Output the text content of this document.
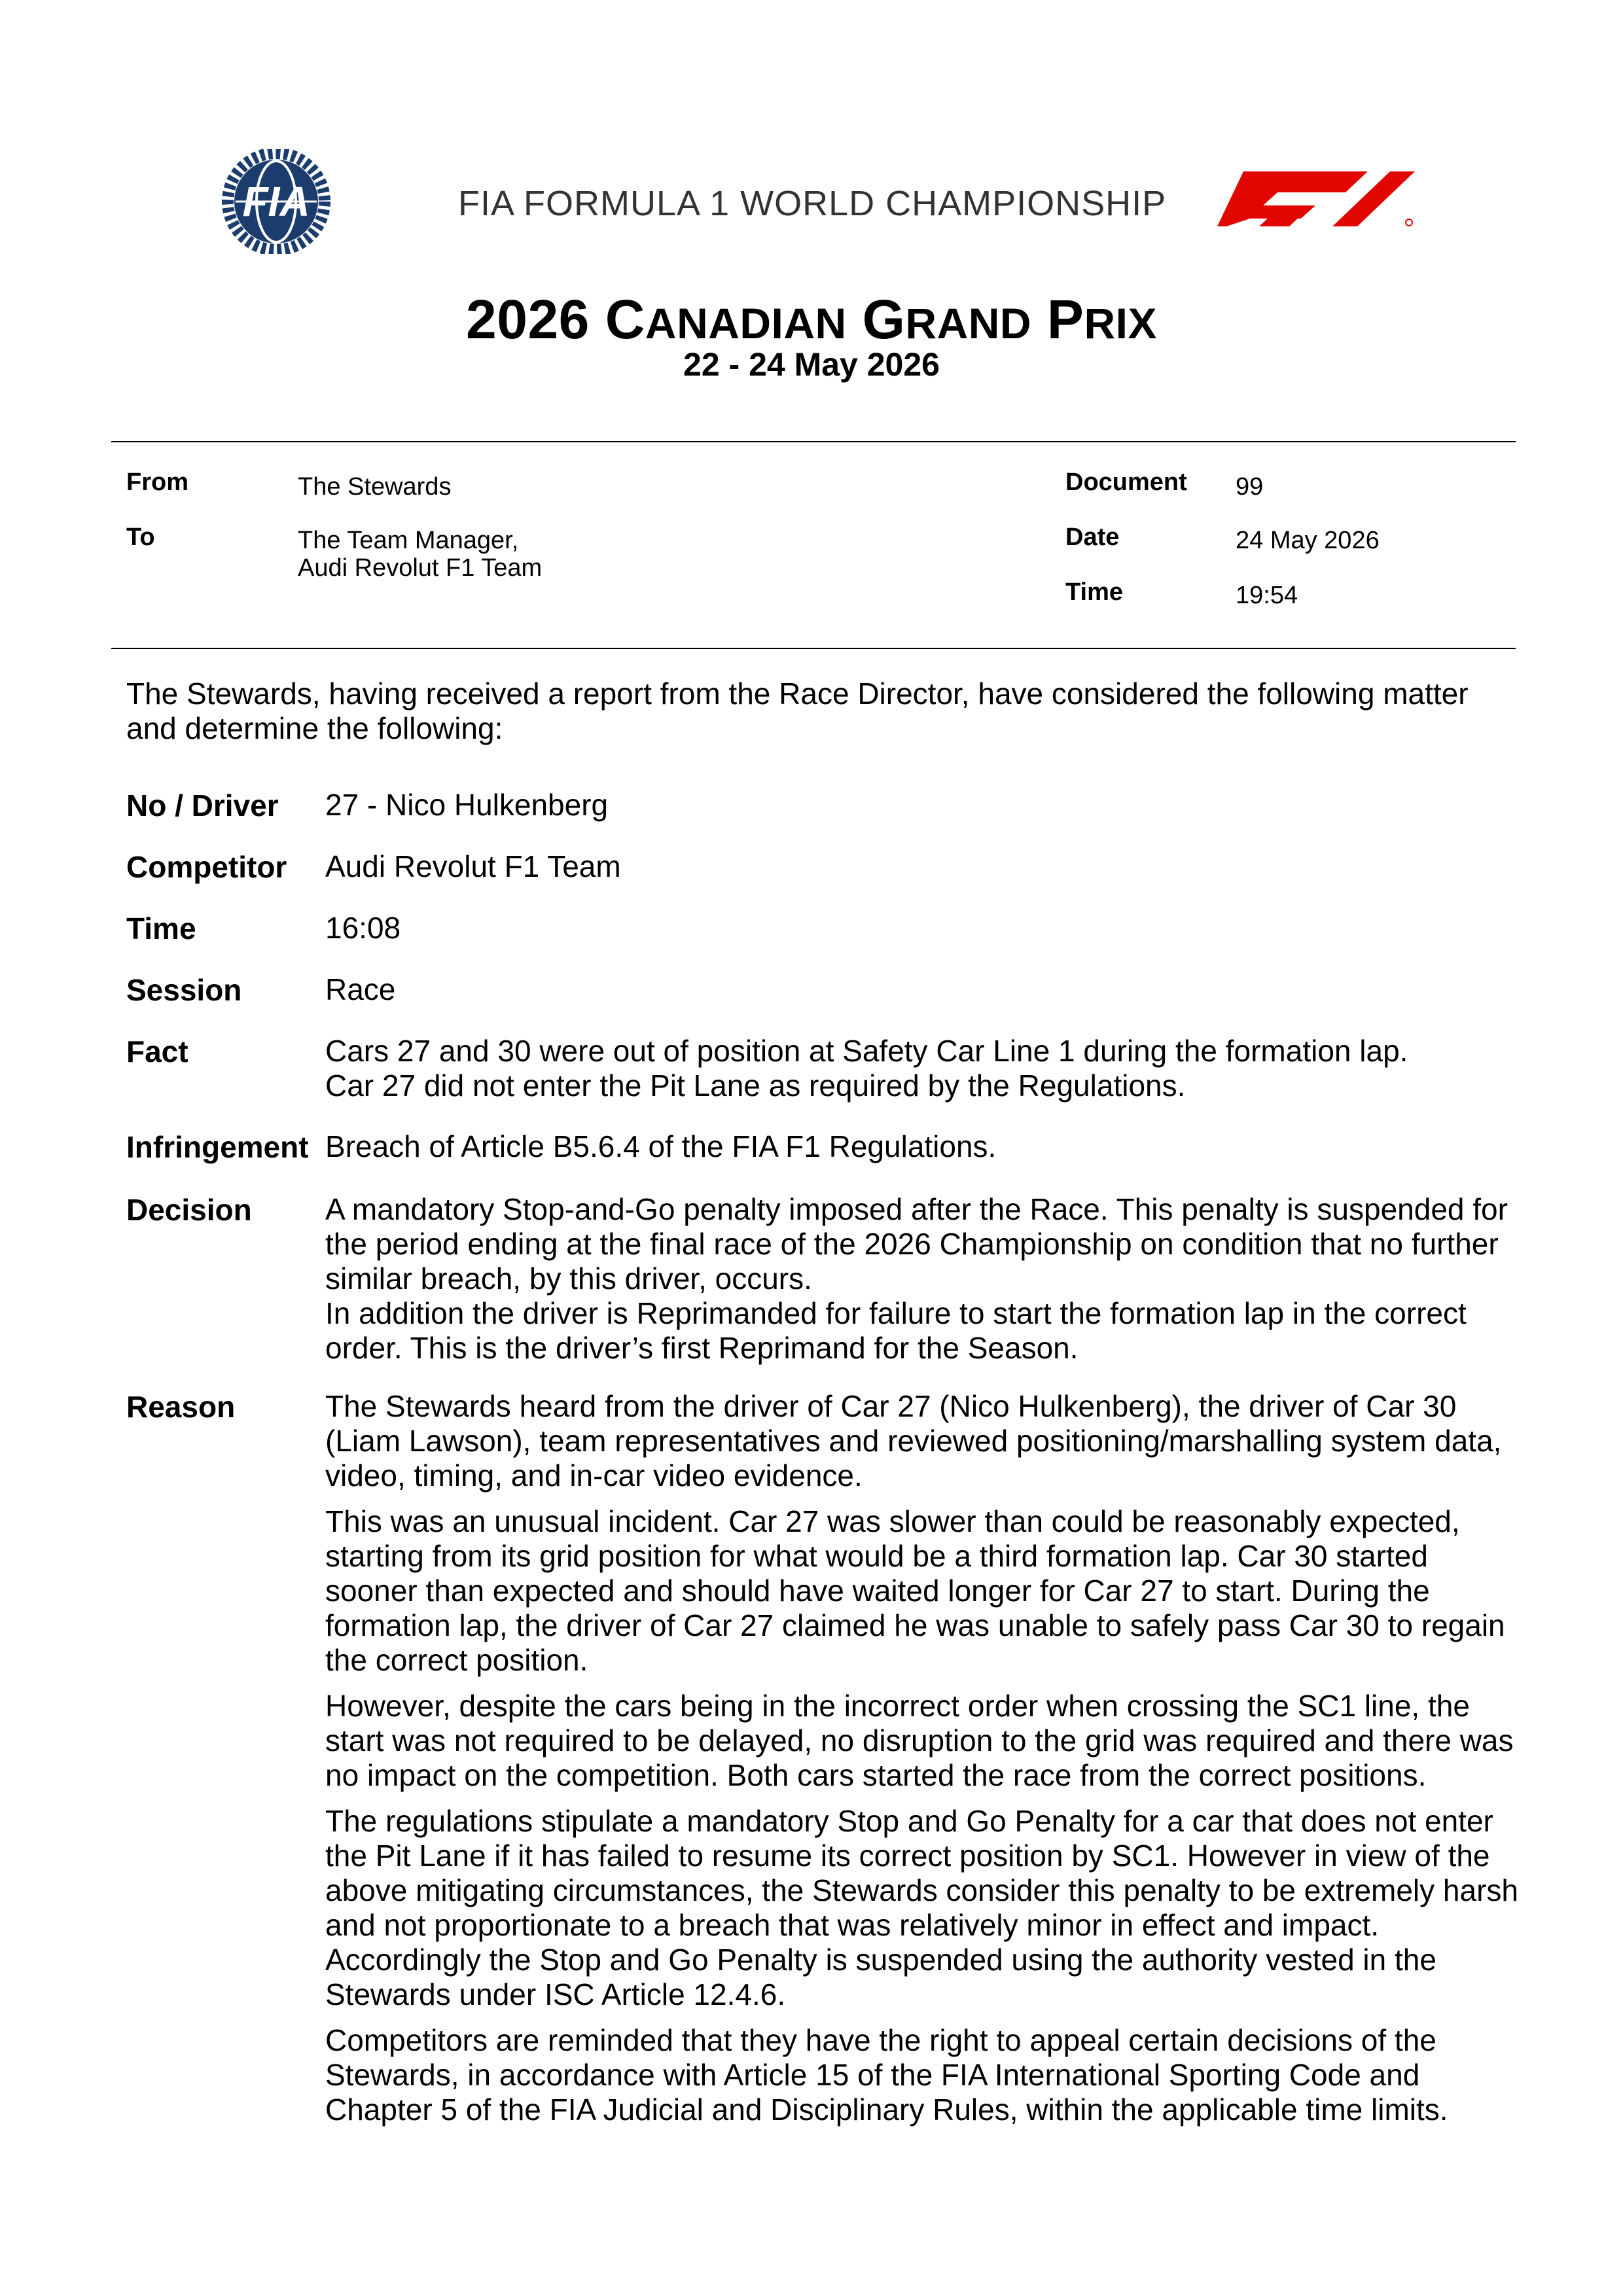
FIA	FIA FORMULA 1 WORLD CHAMPIONSHIP
2026 CANADIAN GRAND PRIX
22 - 24 May 2026
From	The Stewards
To	The Team Manager,
Audi Revolut F1 Team
Document 99
Date	24 May 2026
Time	19:54
The Stewards, having received a report from the Race Director, have considered the following matter and determine the following:
No / Driver 27 - Nico Hulkenberg
Competitor Audi Revolut F1 Team
Time	16:08
Session	Race
Fact	Cars 27 and 30 were out of position at Safety Car Line 1 during the formation lap.
Car 27 did not enter the Pit Lane as required by the Regulations.
Infringement Breach of Article B5.6.4 of the FIA F1 Regulations.
Decision A mandatory Stop-and-Go penalty imposed after the Race. This penalty is suspended for the period ending at the final race of the 2026 Championship on condition that no further similar breach, by this driver, occurs.
In addition the driver is Reprimanded for failure to start the formation lap in the correct order. This is the driver’s first Reprimand for the Season.
Reason	The Stewards heard from the driver of Car 27 (Nico Hulkenberg), the driver of Car 30 (Liam Lawson), team representatives and reviewed positioning/marshalling system data, video, timing, and in-car video evidence.

This was an unusual incident. Car 27 was slower than could be reasonably expected, starting from its grid position for what would be a third formation lap. Car 30 started sooner than expected and should have waited longer for Car 27 to start. During the formation lap, the driver of Car 27 claimed he was unable to safely pass Car 30 to regain the correct position.

However, despite the cars being in the incorrect order when crossing the SC1 line, the start was not required to be delayed, no disruption to the grid was required and there was no impact on the competition. Both cars started the race from the correct positions.

The regulations stipulate a mandatory Stop and Go Penalty for a car that does not enter the Pit Lane if it has failed to resume its correct position by SC1. However in view of the above mitigating circumstances, the Stewards consider this penalty to be extremely harsh and not proportionate to a breach that was relatively minor in effect and impact. Accordingly the Stop and Go Penalty is suspended using the authority vested in the Stewards under ISC Article 12.4.6.

Competitors are reminded that they have the right to appeal certain decisions of the Stewards, in accordance with Article 15 of the FIA International Sporting Code and Chapter 5 of the FIA Judicial and Disciplinary Rules, within the applicable time limits.
